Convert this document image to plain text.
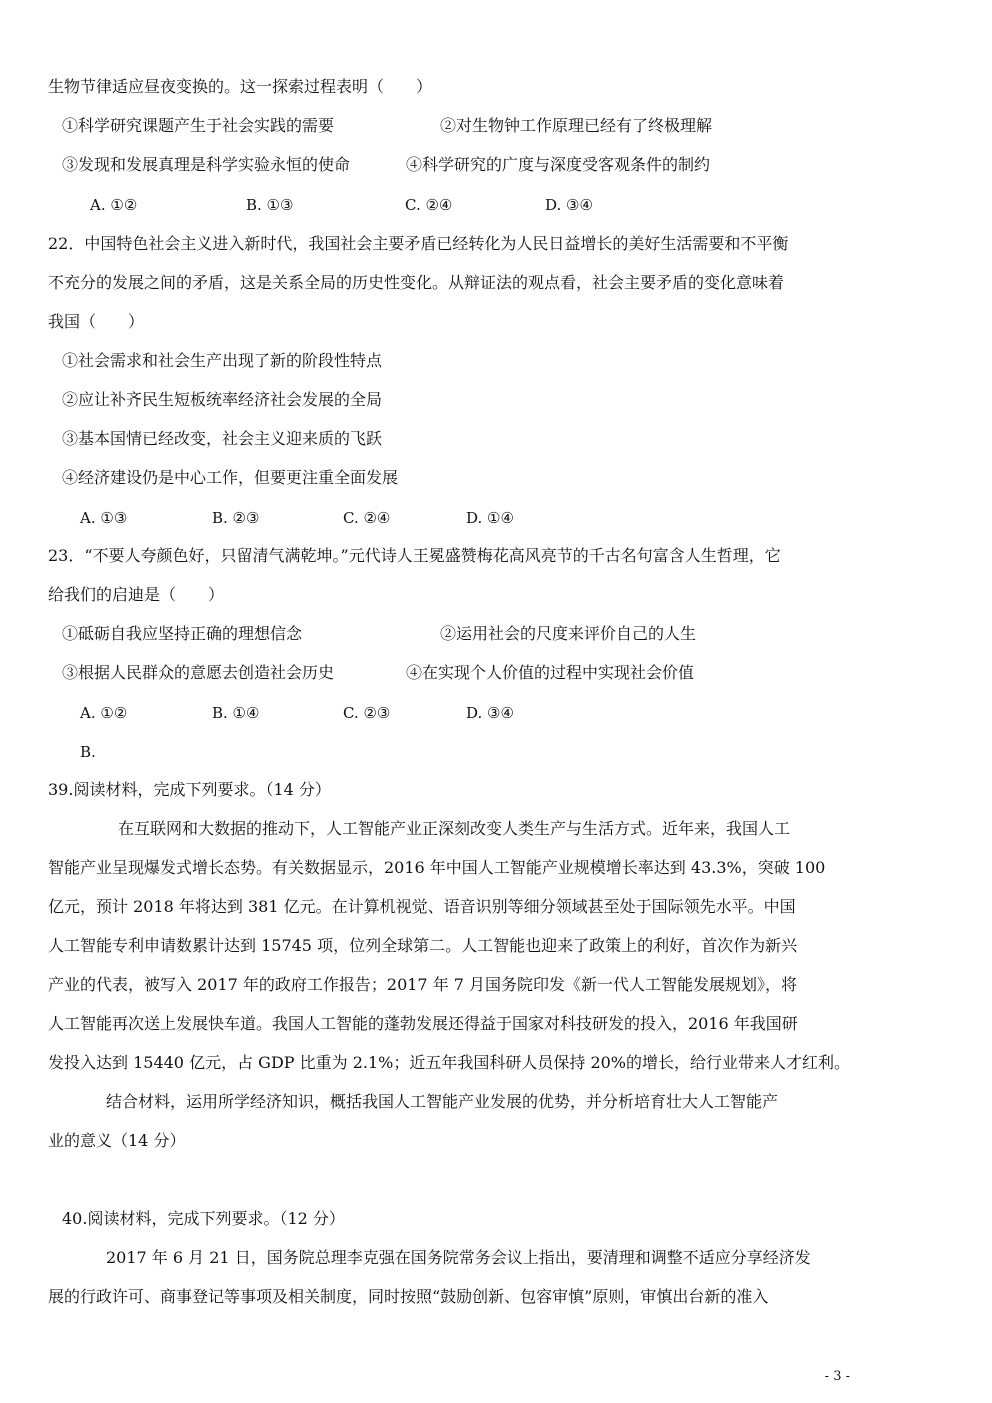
生物节律适应昼夜变换的。这一探索过程表明（　　）
①科学研究课题产生于社会实践的需要	②对生物钟工作原理已经有了终极理解
③发现和发展真理是科学实验永恒的使命	④科学研究的广度与深度受客观条件的制约
A. ①②	B. ①③	C. ②④	D. ③④
22．中国特色社会主义进入新时代，我国社会主要矛盾已经转化为人民日益增长的美好生活需要和不平衡
不充分的发展之间的矛盾，这是关系全局的历史性变化。从辩证法的观点看，社会主要矛盾的变化意味着
我国（　　）
①社会需求和社会生产出现了新的阶段性特点
②应让补齐民生短板统率经济社会发展的全局
③基本国情已经改变，社会主义迎来质的飞跃
④经济建设仍是中心工作，但要更注重全面发展
A. ①③	B. ②③	C. ②④	D. ①④
23．“不要人夸颜色好，只留清气满乾坤。”元代诗人王冕盛赞梅花高风亮节的千古名句富含人生哲理，它
给我们的启迪是（　　）
①砥砺自我应坚持正确的理想信念	②运用社会的尺度来评价自己的人生
③根据人民群众的意愿去创造社会历史	④在实现个人价值的过程中实现社会价值
A. ①②	B. ①④	C. ②③	D. ③④
B.
39.阅读材料，完成下列要求。（14 分）
在互联网和大数据的推动下，人工智能产业正深刻改变人类生产与生活方式。近年来，我国人工
智能产业呈现爆发式增长态势。有关数据显示，2016 年中国人工智能产业规模增长率达到 43.3%，突破 100
亿元，预计 2018 年将达到 381 亿元。在计算机视觉、语音识别等细分领域甚至处于国际领先水平。中国
人工智能专利申请数累计达到 15745 项，位列全球第二。人工智能也迎来了政策上的利好，首次作为新兴
产业的代表，被写入 2017 年的政府工作报告；2017 年 7 月国务院印发《新一代人工智能发展规划》，将
人工智能再次送上发展快车道。我国人工智能的蓬勃发展还得益于国家对科技研发的投入，2016 年我国研
发投入达到 15440 亿元，占 GDP 比重为 2.1%；近五年我国科研人员保持 20%的增长，给行业带来人才红利。
结合材料，运用所学经济知识，概括我国人工智能产业发展的优势，并分析培育壮大人工智能产
业的意义（14 分）
40.阅读材料，完成下列要求。（12 分）
2017 年 6 月 21 日，国务院总理李克强在国务院常务会议上指出，要清理和调整不适应分享经济发
展的行政许可、商事登记等事项及相关制度，同时按照“鼓励创新、包容审慎”原则，审慎出台新的准入
- 3 -
